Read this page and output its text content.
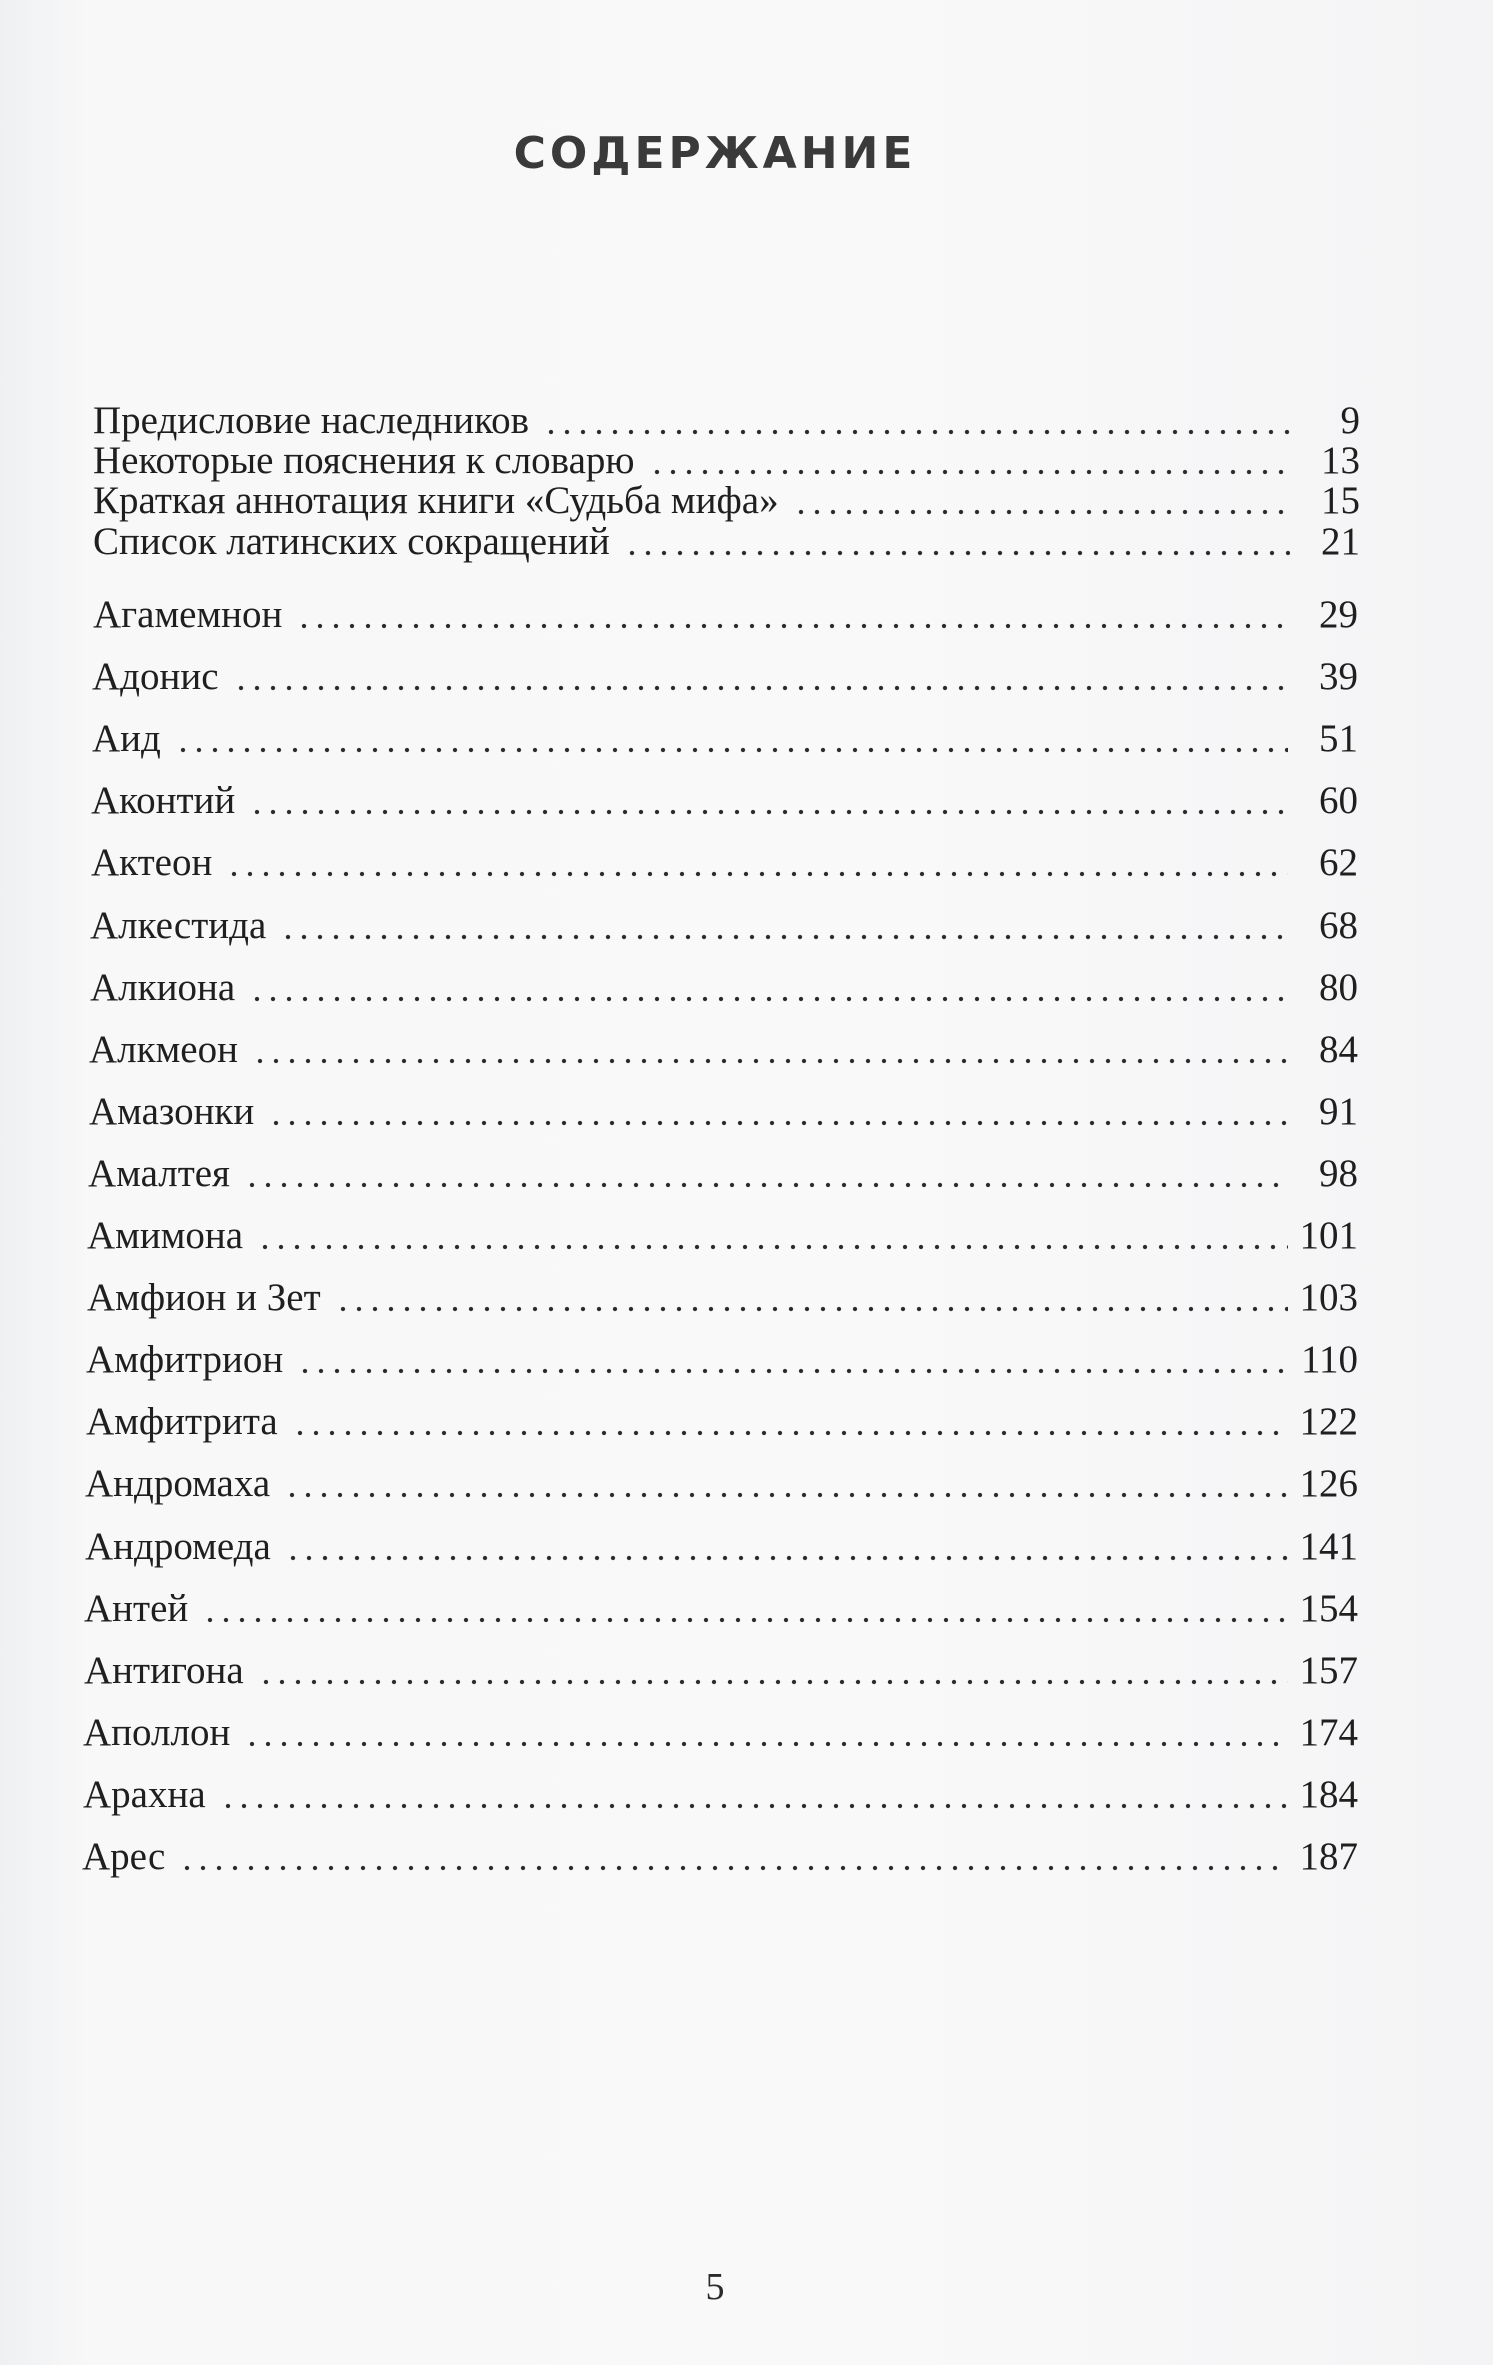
СОДЕРЖАНИЕ
Предисловие наследников	9
Некоторые пояснения к словарю	13
Краткая аннотация книги «Судьба мифа»	15
Список латинских сокращений	21
Агамемнон	29
Адонис	39
Аид	51
Аконтий	60
Актеон	62
Алкестида	68
Алкиона	80
Алкмеон	84
Амазонки	91
Амалтея	98
Амимона	101
Амфион и Зет	103
Амфитрион	110
Амфитрита	122
Андромаха	126
Андромеда	141
Антей	154
Антигона	157
Аполлон	174
Арахна	184
Арес	187
5
